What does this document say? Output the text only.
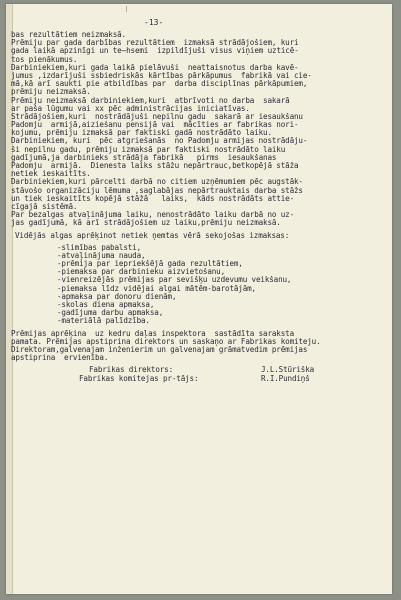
-13-
bas rezultātiem neizmaksā.
Prēmiju par gada darbības rezultātiem  izmaksā strādājošiem, kuri
gada laikā apzinīgi un te̶hsemi  izpildījuši visus viņiem uzticē-
tos pienākumus.
Darbiniekiem,kuri gada laikā pielāvuši  neattaisnotus darba kavē-
jumus ,izdarījuši ssbiedriskās kārtības pārkāpumus  fabrikā vai cie-
mā,kā arī saukti pie atbildības par  darba disciplīnas pārkāpumiem,
prēmiju neizmaksā.
Prēmiju neizmaksā darbiniekiem,kuri  atbrīvoti no darba  sakarā
ar paša lūgumu vai xx pēc administrācijas iniciatīvas.
Strādājošiem,kuri  nostrādājuši nepilnu gadu  sakarā ar iesaukšanu
Padomju  armijā,aiziešanu pensijā vai  mācīties ar fabrikas nori-
kojumu, prēmiju izmaksā par faktiski gadā nostrādāto laiku.
Darbiniekiem, kuri  pēc atgriešanās  no Padomju armijas nostrādāju-
ši nepilnu gadu, prēmiju izmaksā par faktiski nostrādāto laiku
gadījumā,ja darbinieks strādāja fabrikā   pirms  iesaukšanas
Padomju  armijā.  Dienesta laiks stāžu nepārtrauc,betkopējā stāža
netiek ieskaitīts.
Darbiniekiem,kuri pārcelti darbā no citiem uzņēmumiem pēc augstāk-
stāvošo organizāciju lēmuma ,saglabājas nepārtrauktais darba stāžs
un tiek ieskaitīts kopējā stāžā   laiks,  kāds nostrādāts attie-
cīgajā sistēmā.
Par bezalgas atvaļinājuma laiku, nenostrādāto laiku darbā no uz-
jas gadījumā, kā arī strādājošiem uz laiku,prēmiju neizmaksā.
Vidējās algas aprēķinot netiek ņemtas vērā sekojošas izmaksas:
-slimības pabalsti,
-atvaļinājuma nauda,
-prēmija par iepriekšējā gada rezultātiem,
-piemaksa par darbinieku aizvietošanu,
-vienreizējās prēmijas par sevišķu uzdevumu veikšanu,
-piemaksa līdz vidējai algai mātēm-barotājām,
-apmaksa par donoru dienām,
-skolas diena apmaksa,
-gadījuma darbu apmaksa,
-materiālā palīdzība.
Prēmijas aprēķina  uz kedru daļas inspektora  sastādīta saraksta
pamata. Prēmijas apstiprina direktors un saskaņo ar Fabrikas komiteju.
Direktoram,galvenajam inženierim un galvenajam grāmatvedim prēmijas
apstiprina  ervienība.
Fabrikas direktors:	J.L.Stūriška
Fabrikas komitejas pr-tājs:	R.I.Pundiņš
